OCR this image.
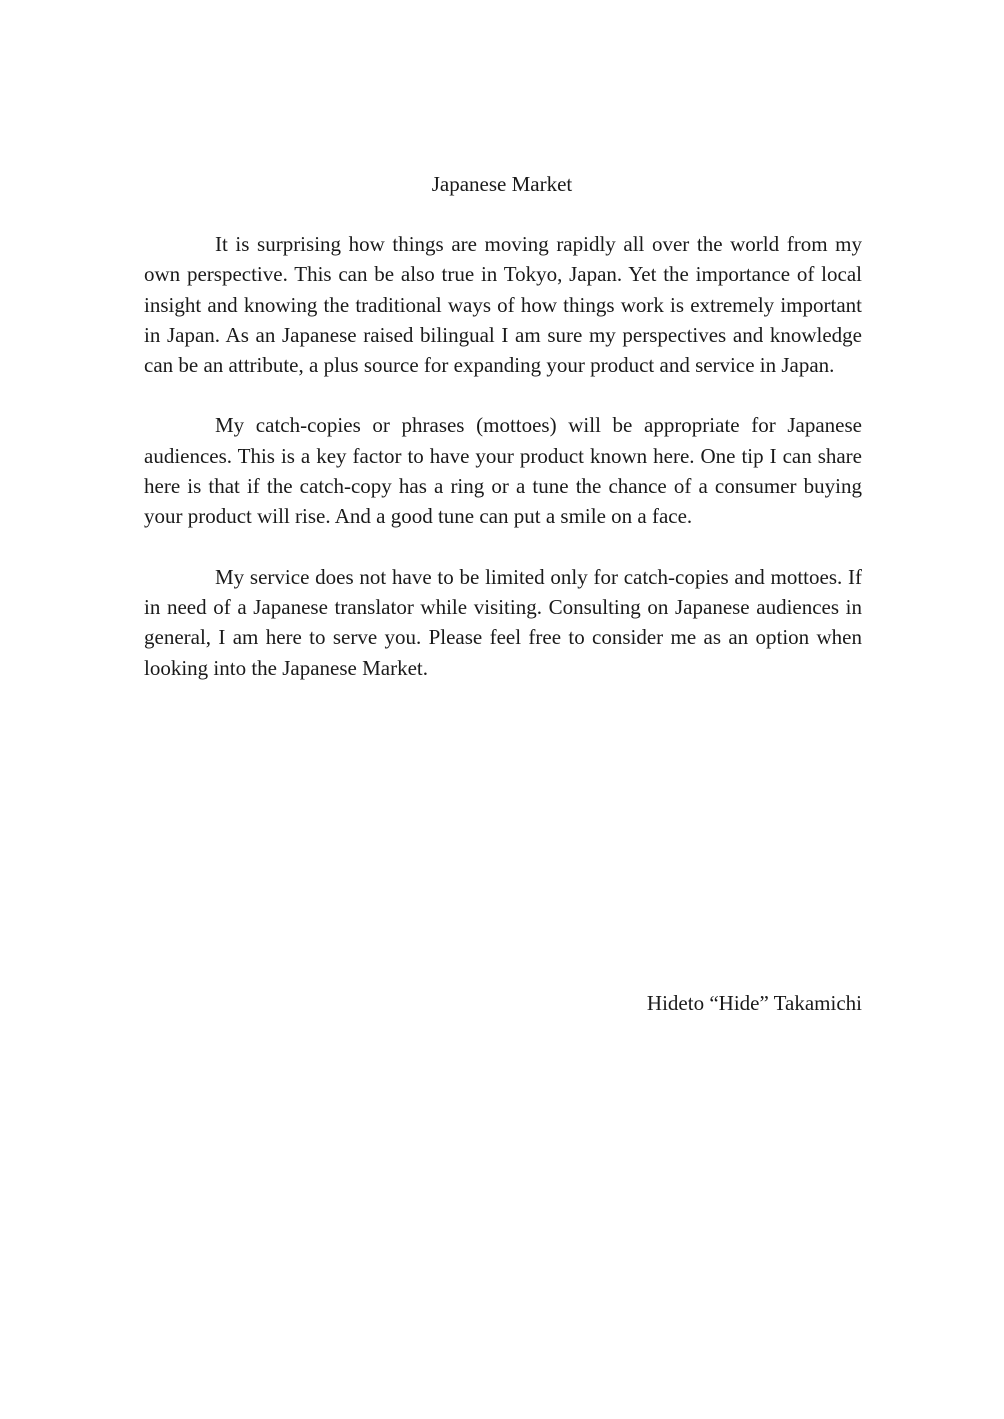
Japanese Market

It is surprising how things are moving rapidly all over the world from my own perspective. This can be also true in Tokyo, Japan. Yet the importance of local insight and knowing the traditional ways of how things work is extremely important in Japan. As an Japanese raised bilingual I am sure my perspectives and knowledge can be an attribute, a plus source for expanding your product and service in Japan.

My catch-copies or phrases (mottoes) will be appropriate for Japanese audiences. This is a key factor to have your product known here. One tip I can share here is that if the catch-copy has a ring or a tune the chance of a consumer buying your product will rise. And a good tune can put a smile on a face.

My service does not have to be limited only for catch-copies and mottoes. If in need of a Japanese translator while visiting. Consulting on Japanese audiences in general, I am here to serve you. Please feel free to consider me as an option when looking into the Japanese Market.

Hideto “Hide” Takamichi
